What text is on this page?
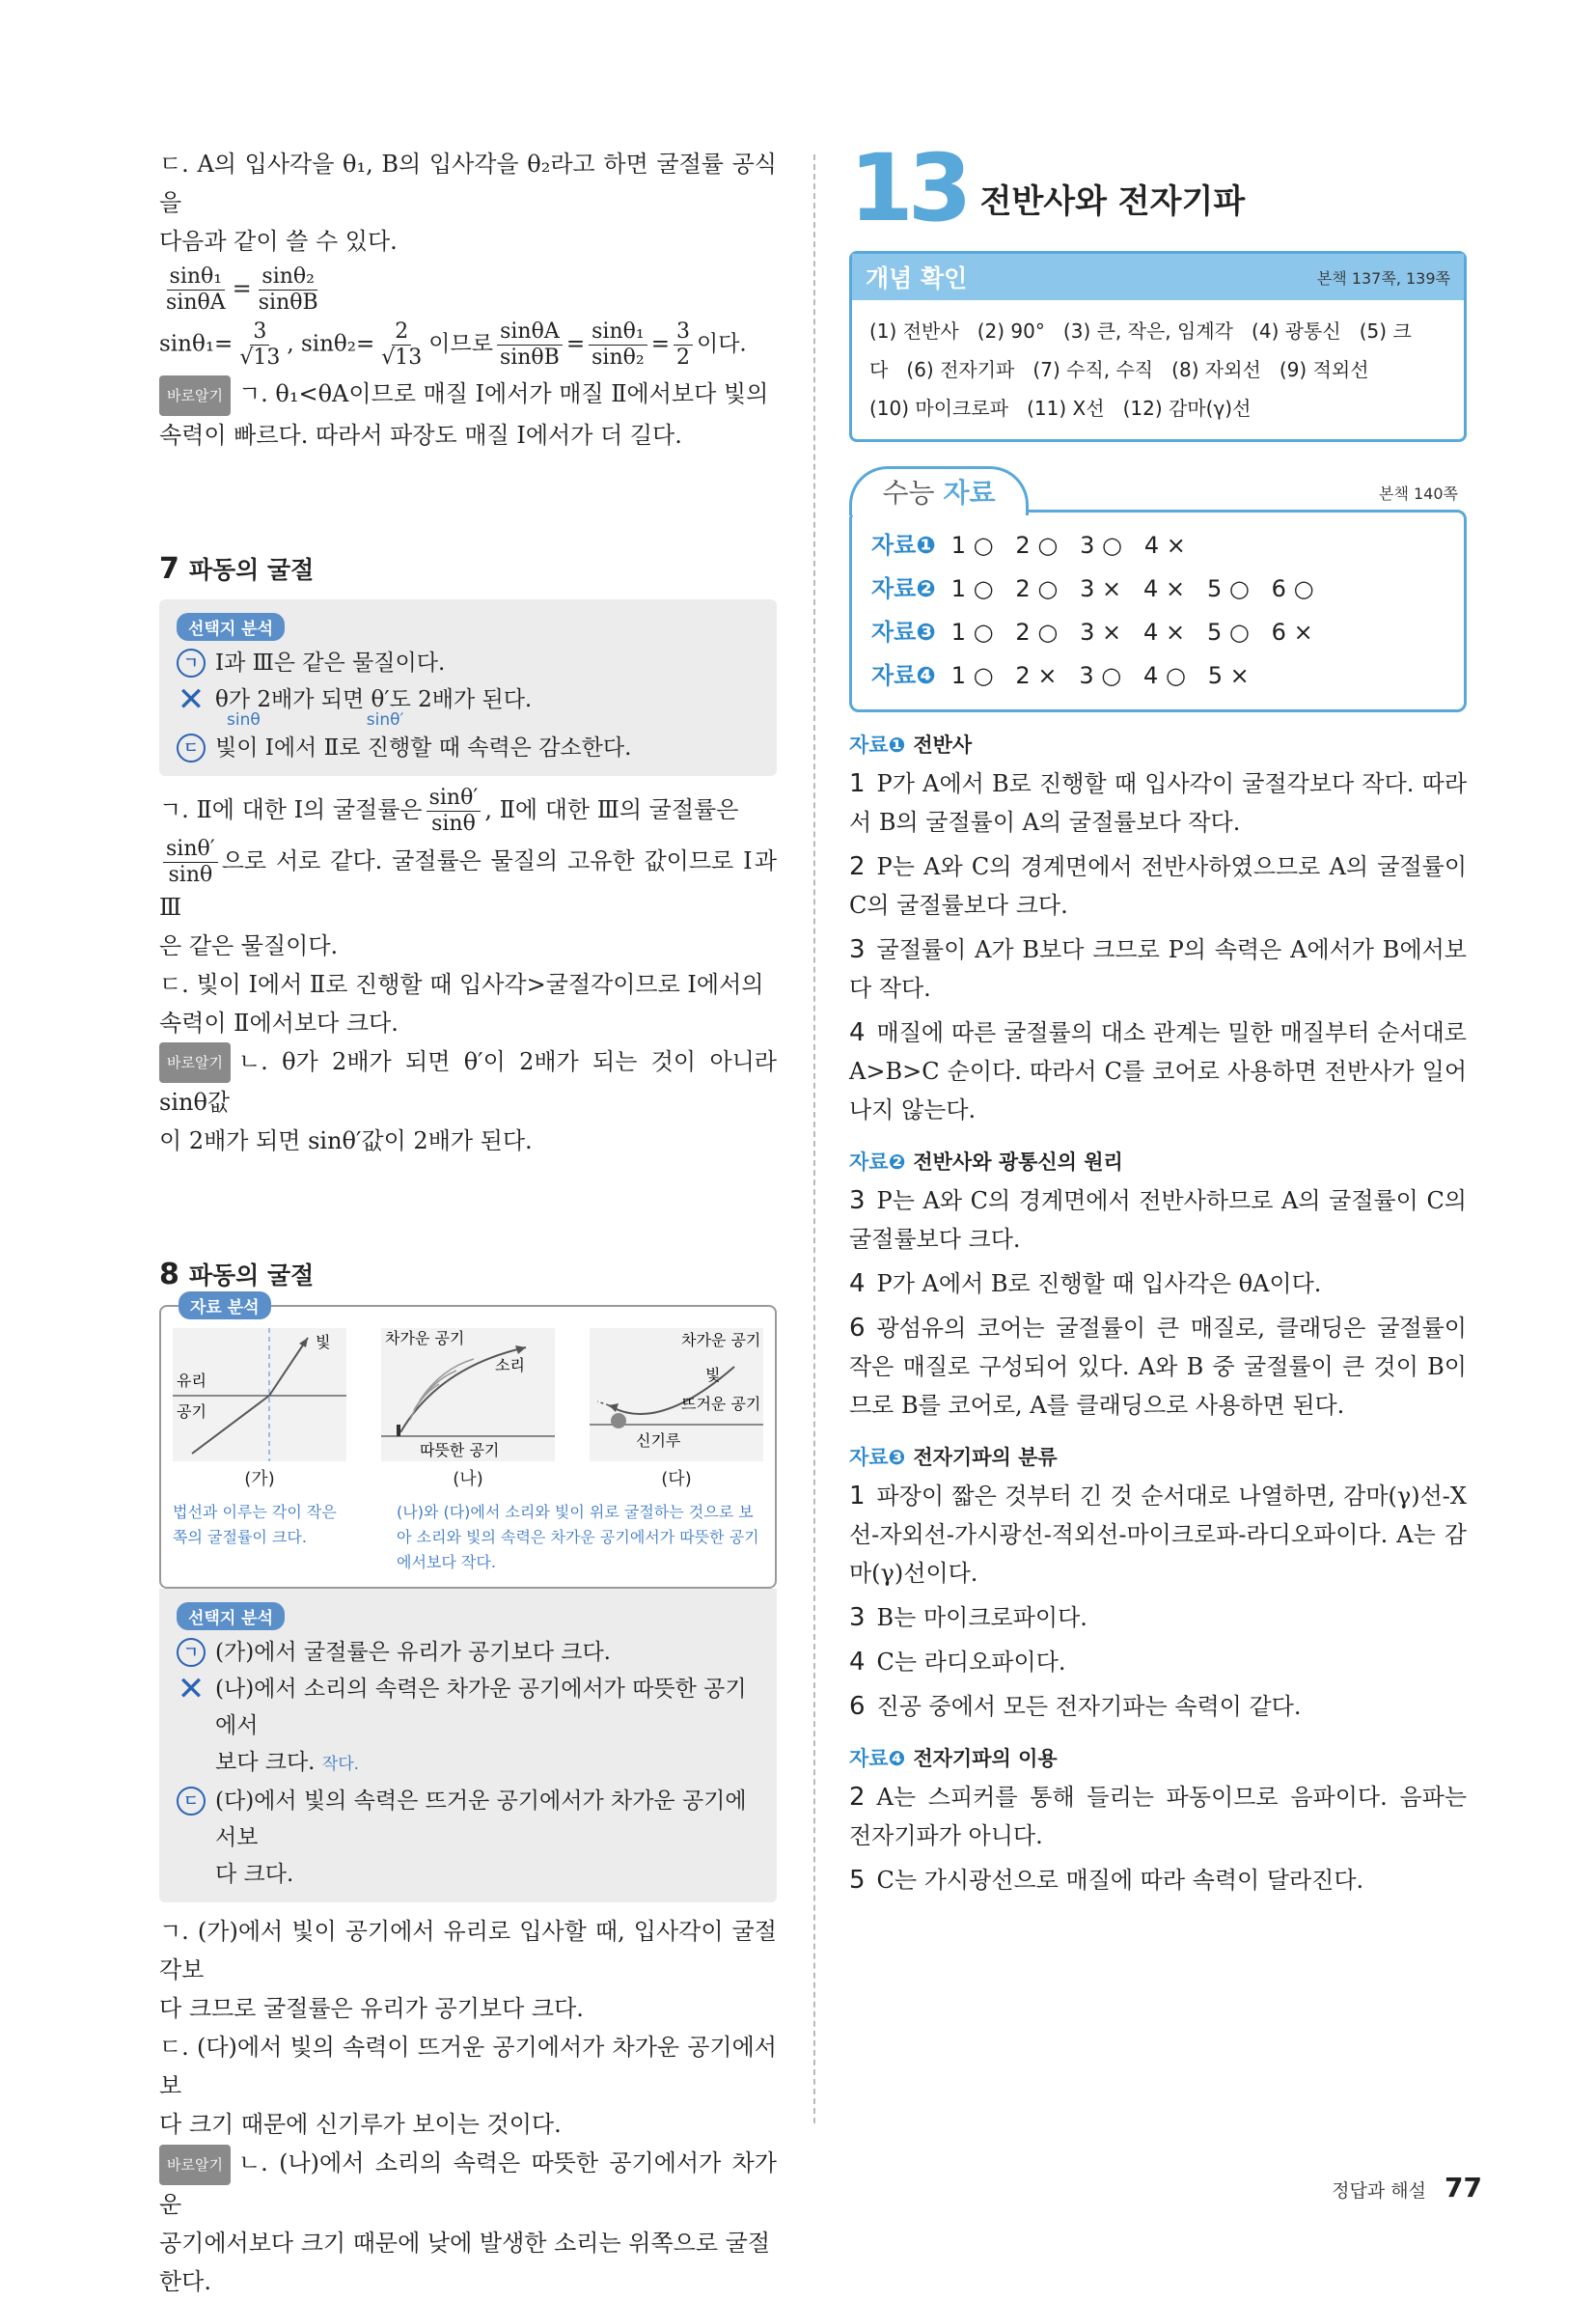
ㄷ. A의 입사각을 θ₁, B의 입사각을 θ₂라고 하면 굴절률 공식을

다음과 같이 쓸 수 있다.

$\frac{\text{sinθ₁}}{\sin\theta A} = \frac{\text{sinθ₂}}{\sin\theta B}$

$\sin\theta_1= \frac{3}{√13}$ , $\sin\theta_2= \frac{2}{√13}$ 이므로 $\frac{\sin\theta A}{\sin\theta B} = \frac{\text{sinθ₁}}{\text{sinθ₂}} = \frac{3}{2}$ 이다.

바로알기 ㄱ. θ₁<θA이므로 매질 Ⅰ에서가 매질 Ⅱ에서보다 빛의

속력이 빠르다. 따라서 파장도 매질 Ⅰ에서가 더 길다.

7 파동의 굴절
선택지 분석
ㄱ Ⅰ과 Ⅲ은 같은 물질이다.
✕ θ가 2배가 되면 θ′도 2배가 된다.
sinθ	sinθ′
ㄷ 빛이 Ⅰ에서 Ⅱ로 진행할 때 속력은 감소한다.

ㄱ. Ⅱ에 대한 Ⅰ의 굴절률은 $\frac{\sin\theta'}{\sin\theta}$ , Ⅱ에 대한 Ⅲ의 굴절률은

$\frac{\sin\theta'}{\sin\theta}$ 으로 서로 같다. 굴절률은 물질의 고유한 값이므로 Ⅰ과 Ⅲ

은 같은 물질이다.

ㄷ. 빛이 Ⅰ에서 Ⅱ로 진행할 때 입사각>굴절각이므로 Ⅰ에서의

속력이 Ⅱ에서보다 크다.

바로알기 ㄴ. θ가 2배가 되면 θ′이 2배가 되는 것이 아니라 sinθ값

이 2배가 되면 sinθ′값이 2배가 된다.

8 파동의 굴절
자료 분석
빛
유리
공기
(가)
차가운 공기
소리
따뜻한 공기
(나)
차가운 공기
빛
뜨거운 공기
신기루
(다)
법선과 이루는 각이 작은 쪽의 굴절률이 크다.
(나)와 (다)에서 소리와 빛이 위로 굴절하는 것으로 보아 소리와 빛의 속력은 차가운 공기에서가 따뜻한 공기에서보다 작다.
선택지 분석
ㄱ (가)에서 굴절률은 유리가 공기보다 크다.
✕ (나)에서 소리의 속력은 차가운 공기에서가 따뜻한 공기에서
보다 크다. 작다.
ㄷ (다)에서 빛의 속력은 뜨거운 공기에서가 차가운 공기에서보
다 크다.

ㄱ. (가)에서 빛이 공기에서 유리로 입사할 때, 입사각이 굴절각보

다 크므로 굴절률은 유리가 공기보다 크다.

ㄷ. (다)에서 빛의 속력이 뜨거운 공기에서가 차가운 공기에서보

다 크기 때문에 신기루가 보이는 것이다.

바로알기 ㄴ. (나)에서 소리의 속력은 따뜻한 공기에서가 차가운

공기에서보다 크기 때문에 낮에 발생한 소리는 위쪽으로 굴절

한다.

13 전반사와 전자기파
개념 확인	본책 137쪽, 139쪽
(1) 전반사   (2) 90°   (3) 큰, 작은, 임계각   (4) 광통신   (5) 크
다   (6) 전자기파   (7) 수직, 수직   (8) 자외선   (9) 적외선
(10) 마이크로파   (11) X선   (12) 감마(γ)선
수능 자료	본책 140쪽
자료❶ 1 ○   2 ○   3 ○   4 ×
자료❷ 1 ○   2 ○   3 ×   4 ×   5 ○   6 ○
자료❸ 1 ○   2 ○   3 ×   4 ×   5 ○   6 ×
자료❹ 1 ○   2 ×   3 ○   4 ○   5 ×
자료❶ 전반사

1 P가 A에서 B로 진행할 때 입사각이 굴절각보다 작다. 따라서 B의 굴절률이 A의 굴절률보다 작다.

2 P는 A와 C의 경계면에서 전반사하였으므로 A의 굴절률이 C의 굴절률보다 크다.

3 굴절률이 A가 B보다 크므로 P의 속력은 A에서가 B에서보다 작다.

4 매질에 따른 굴절률의 대소 관계는 밀한 매질부터 순서대로 A>B>C 순이다. 따라서 C를 코어로 사용하면 전반사가 일어나지 않는다.

자료❷ 전반사와 광통신의 원리

3 P는 A와 C의 경계면에서 전반사하므로 A의 굴절률이 C의 굴절률보다 크다.

4 P가 A에서 B로 진행할 때 입사각은 θA이다.

6 광섬유의 코어는 굴절률이 큰 매질로, 클래딩은 굴절률이 작은 매질로 구성되어 있다. A와 B 중 굴절률이 큰 것이 B이므로 B를 코어로, A를 클래딩으로 사용하면 된다.

자료❸ 전자기파의 분류

1 파장이 짧은 것부터 긴 것 순서대로 나열하면, 감마(γ)선-X선-자외선-가시광선-적외선-마이크로파-라디오파이다. A는 감마(γ)선이다.

3 B는 마이크로파이다.

4 C는 라디오파이다.

6 진공 중에서 모든 전자기파는 속력이 같다.

자료❹ 전자기파의 이용

2 A는 스피커를 통해 들리는 파동이므로 음파이다. 음파는 전자기파가 아니다.

5 C는 가시광선으로 매질에 따라 속력이 달라진다.

정답과 해설 77
